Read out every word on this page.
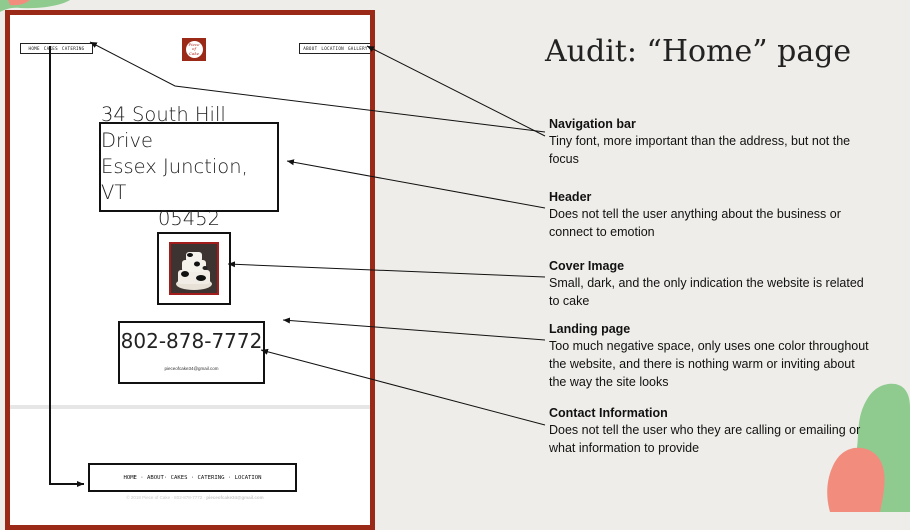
HOME CAKES CATERING
Piece
of
Cake
ABOUT LOCATION GALLERY
34 South Hill Drive
Essex Junction, VT
05452
802-878-7772
pieceofcake34@gmail.com
HOME · ABOUT· CAKES · CATERING · LOCATION
© 2018 Piece of Cake · 802-878-7772 · pieceofcake34@gmail.com
Audit: “Home” page
Navigation bar

Tiny font, more important than the address, but not the focus

Header

Does not tell the user anything about the business or connect to emotion

Cover Image

Small, dark, and the only indication the website is related to cake

Landing page

Too much negative space, only uses one color throughout the website, and there is nothing warm or inviting about the way the site looks

Contact Information

Does not tell the user who they are calling or emailing or what information to provide
